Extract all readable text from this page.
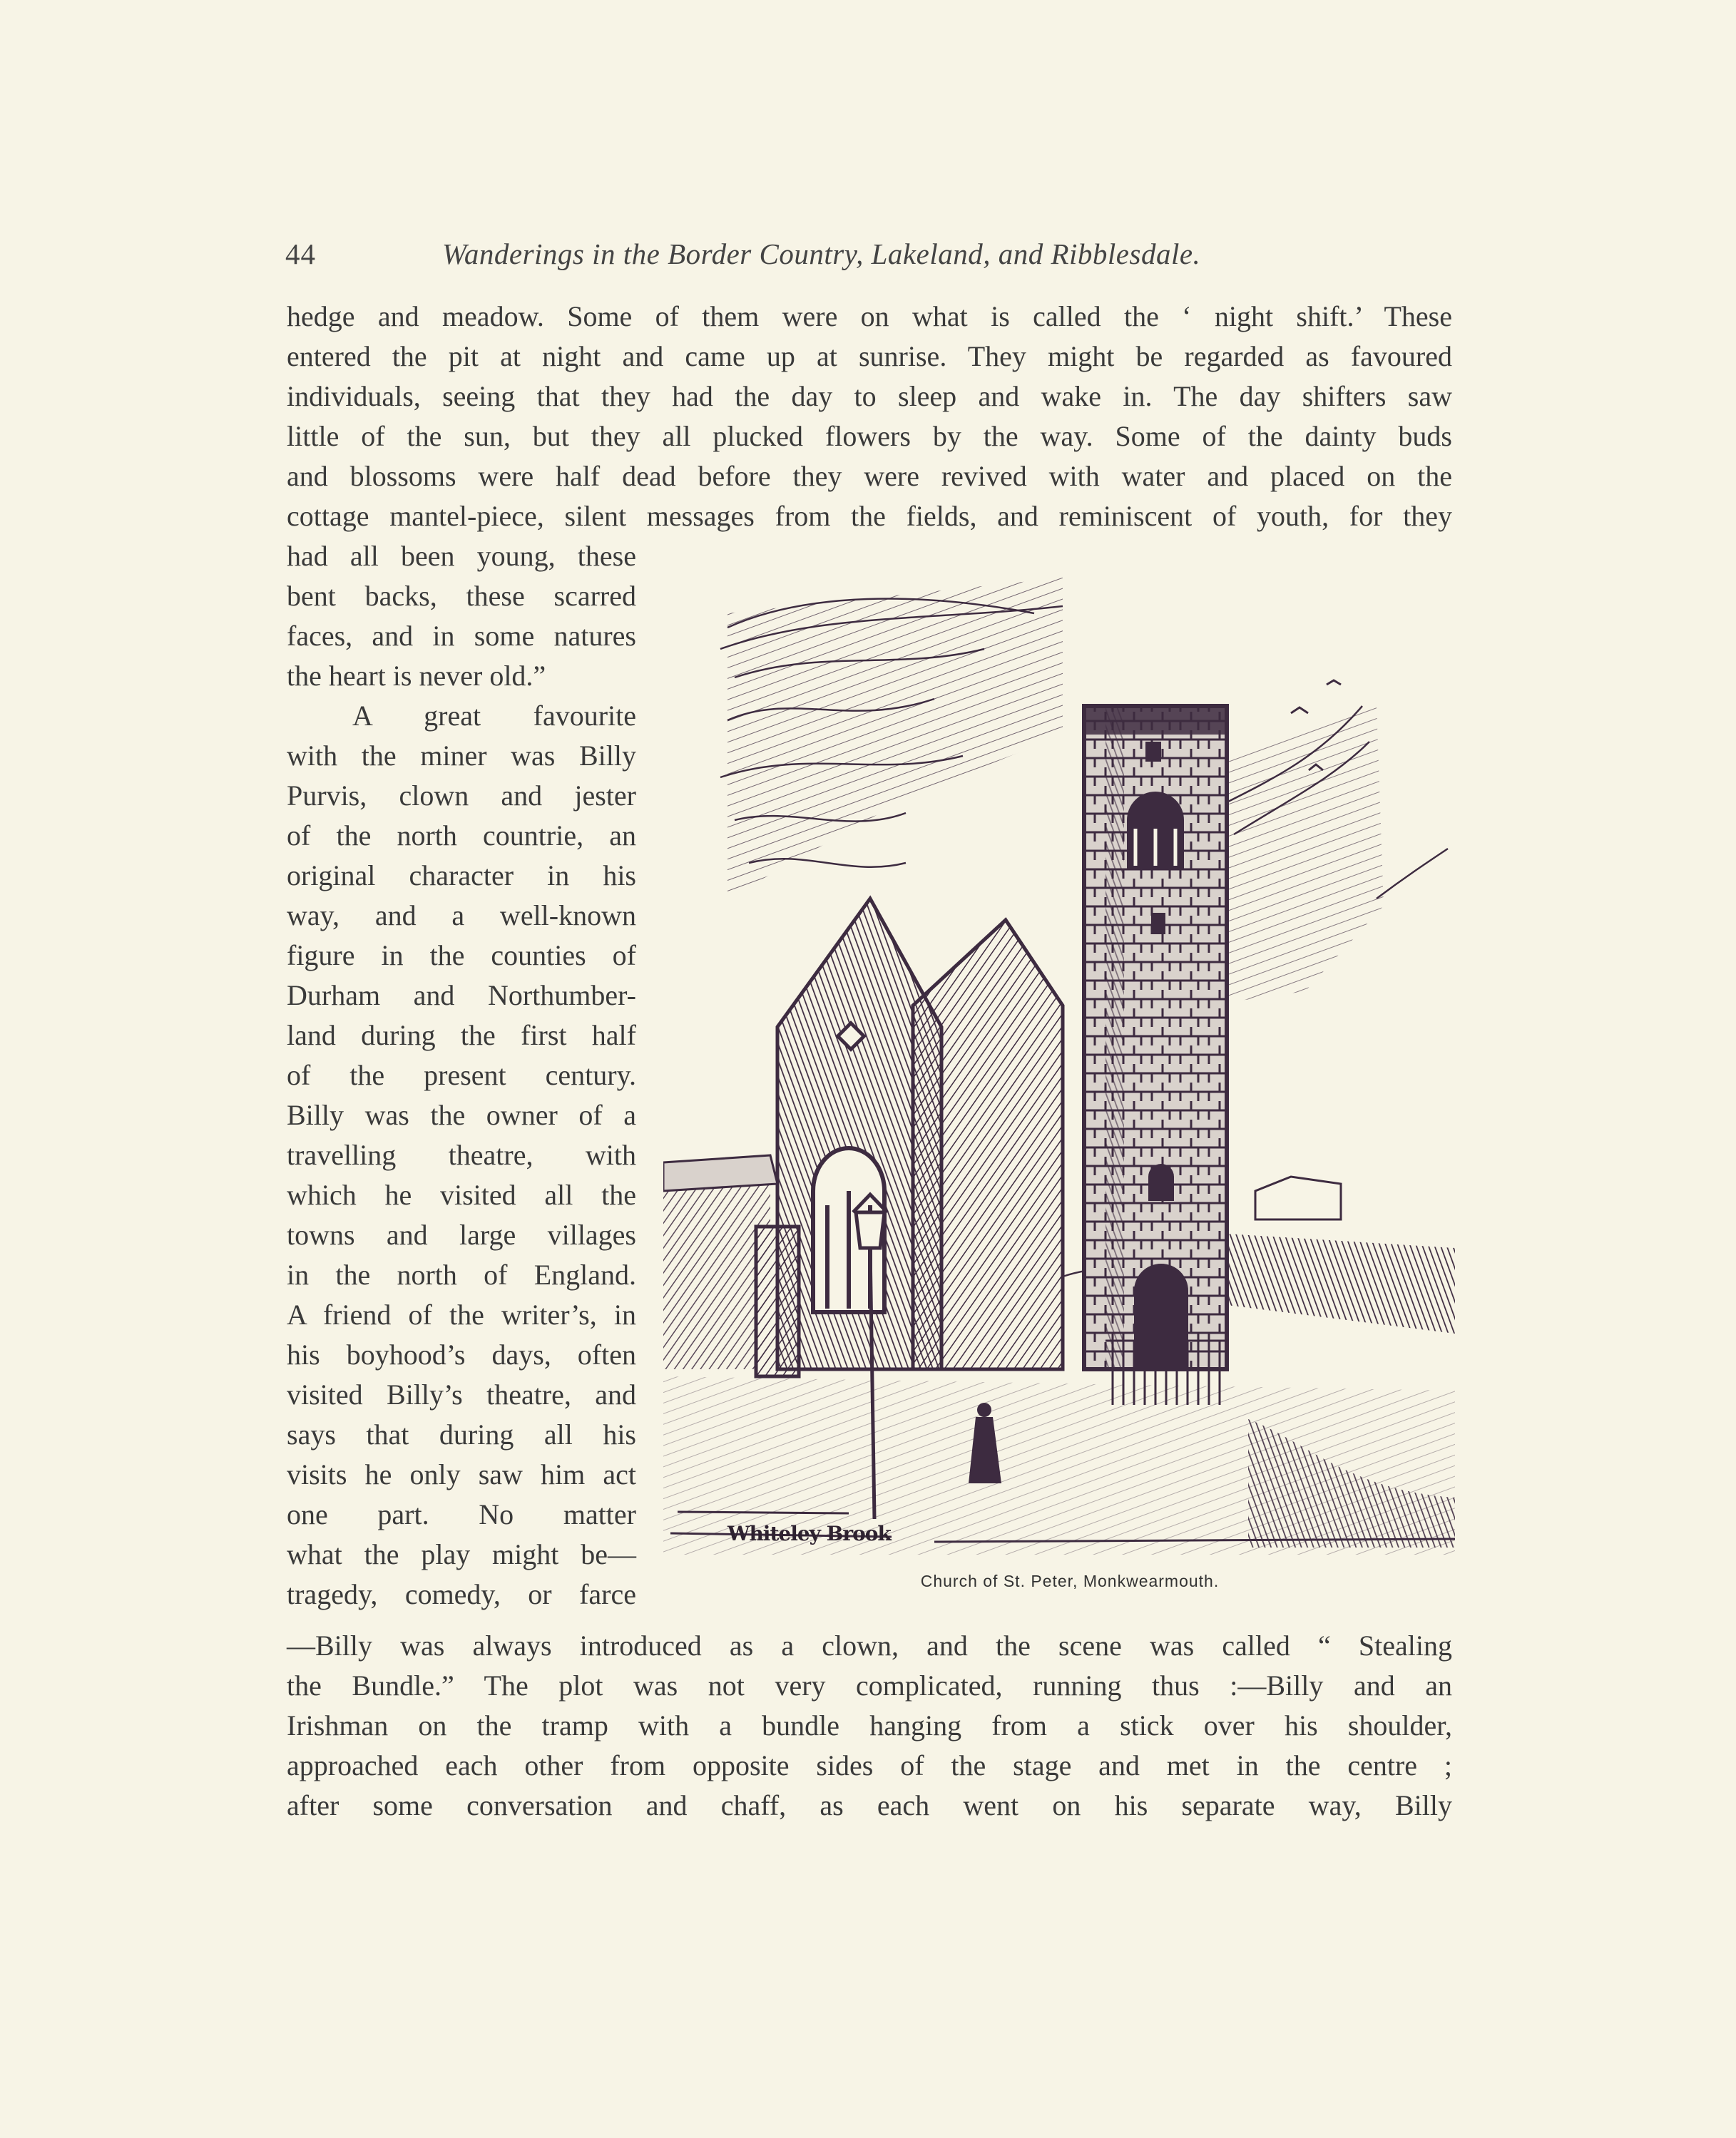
44	Wanderings in the Border Country, Lakeland, and Ribblesdale.
hedge and meadow. Some of them were on what is called the ‘ night shift.’ These
entered the pit at night and came up at sunrise. They might be regarded as favoured
individuals, seeing that they had the day to sleep and wake in. The day shifters saw
little of the sun, but they all plucked flowers by the way. Some of the dainty buds
and blossoms were half dead before they were revived with water and placed on the
cottage mantel-piece, silent messages from the fields, and reminiscent of youth, for they
had all been young, these
bent backs, these scarred
faces, and in some natures
the heart is never old.”
A great favourite
with the miner was Billy
Purvis, clown and jester
of the north countrie, an
original character in his
way, and a well-known
figure in the counties of
Durham and Northumber-
land during the first half
of the present century.
Billy was the owner of a
travelling theatre, with
which he visited all the
towns and large villages
in the north of England.
A friend of the writer’s, in
his boyhood’s days, often
visited Billy’s theatre, and
says that during all his
visits he only saw him act
one part. No matter
what the play might be—
tragedy, comedy, or farce
—Billy was always introduced as a clown, and the scene was called “ Stealing
the Bundle.” The plot was not very complicated, running thus :—Billy and an
Irishman on the tramp with a bundle hanging from a stick over his shoulder,
approached each other from opposite sides of the stage and met in the centre ;
after some conversation and chaff, as each went on his separate way, Billy
Whiteley Brook
Church of St. Peter, Monkwearmouth.
